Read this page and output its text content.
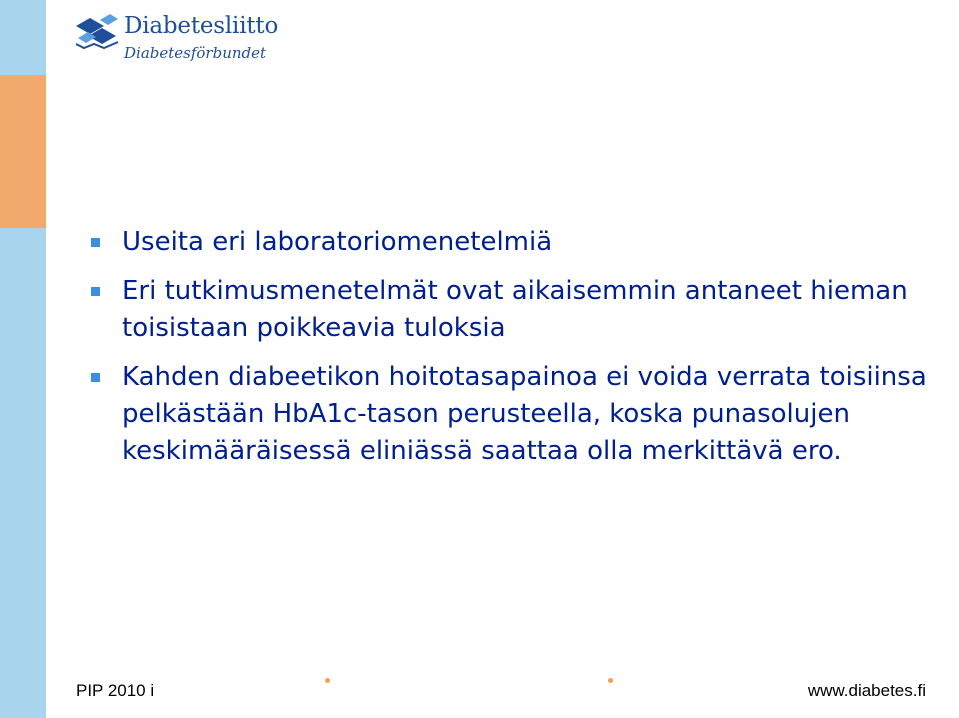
Diabetesliitto
Diabetesförbundet
Useita eri laboratoriomenetelmiä
Eri tutkimusmenetelmät ovat aikaisemmin antaneet hieman toisistaan poikkeavia tuloksia
Kahden diabeetikon hoitotasapainoa ei voida verrata toisiinsa pelkästään HbA1c-tason perusteella, koska punasolujen keskimääräisessä eliniässä saattaa olla merkittävä ero.
PIP 2010 i	www.diabetes.fi
